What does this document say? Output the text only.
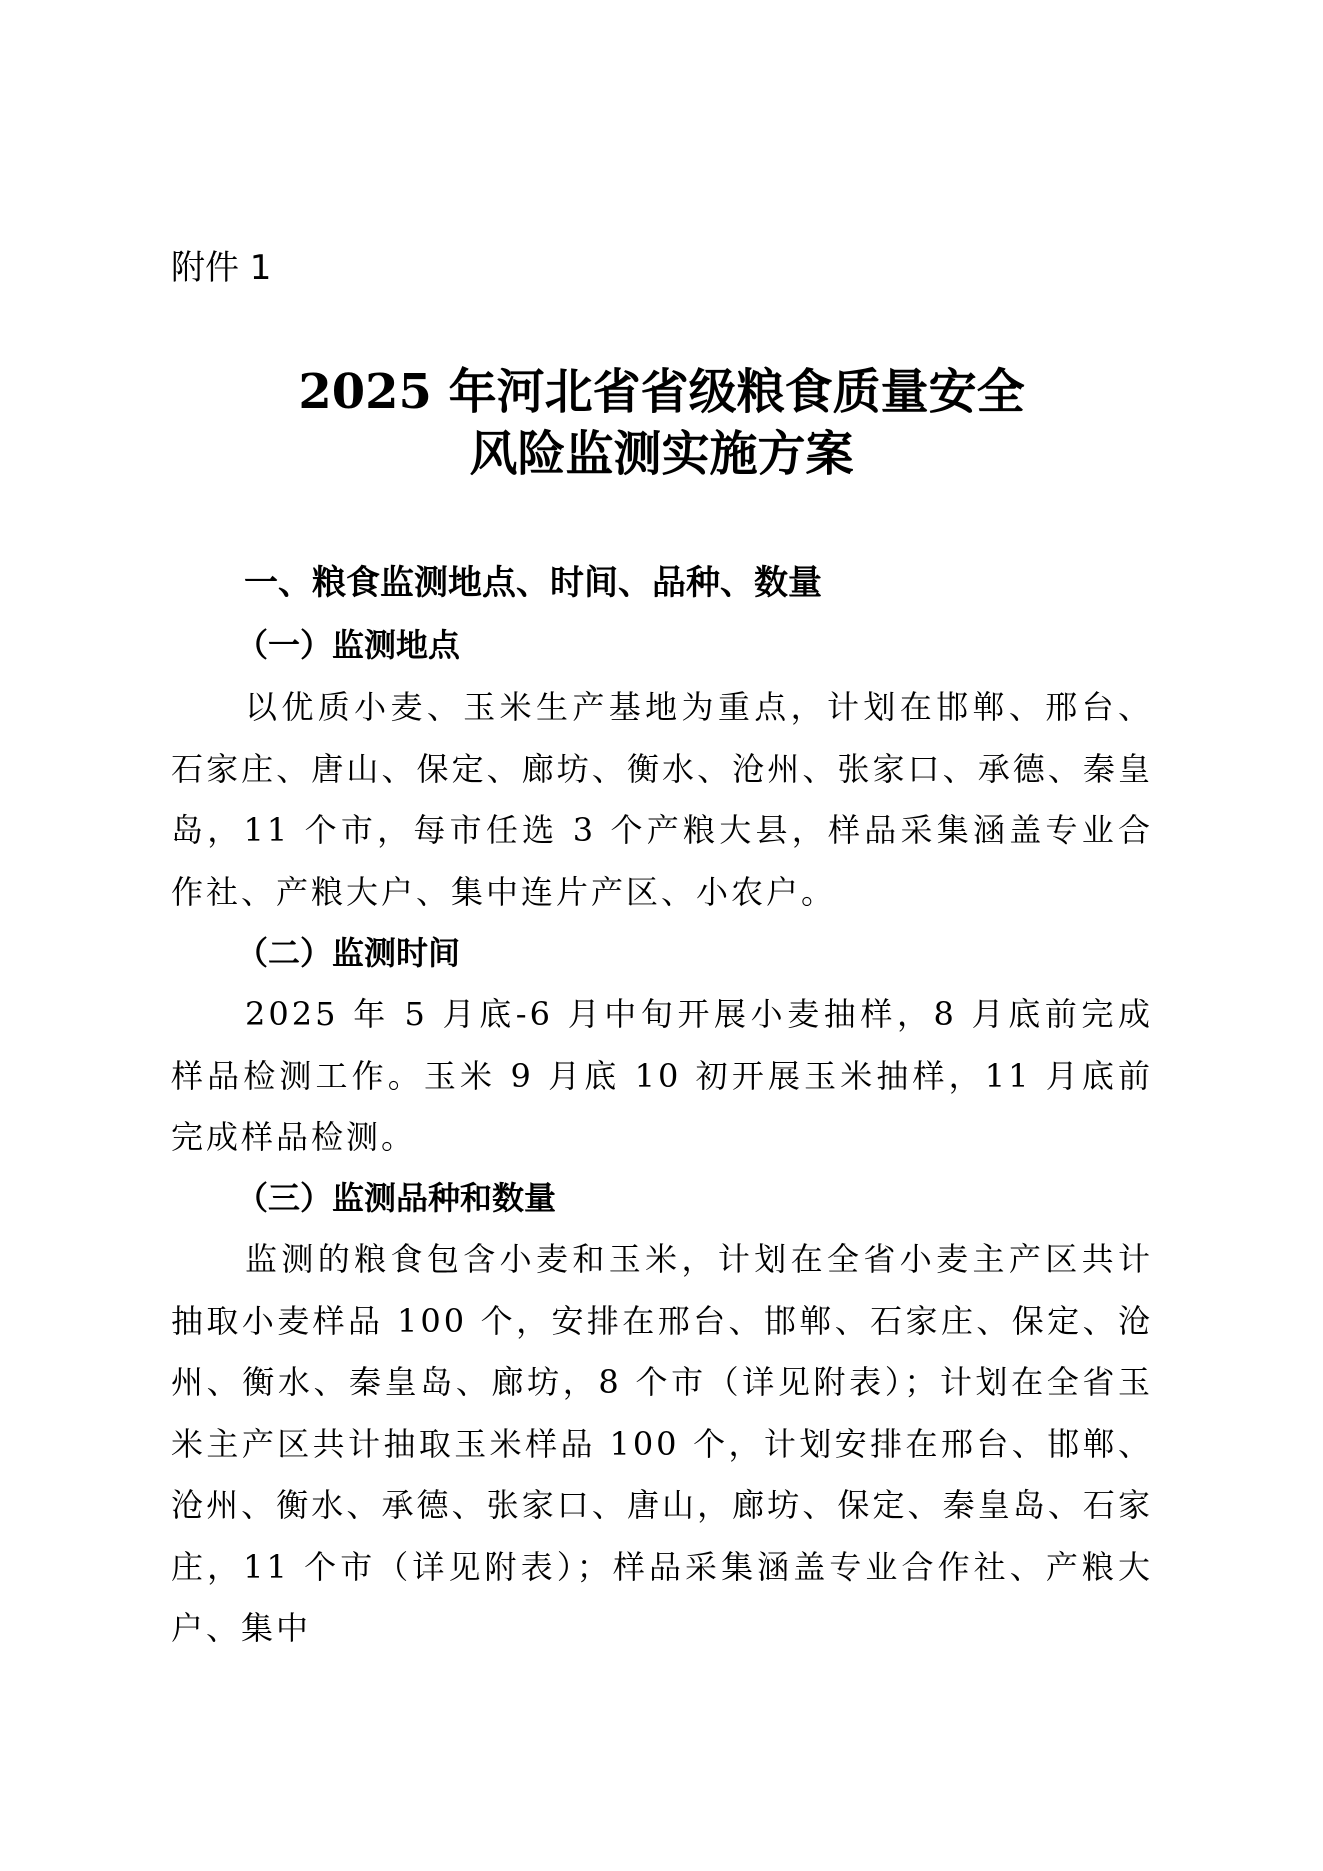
附件 1
2025 年河北省省级粮食质量安全
风险监测实施方案
一、粮食监测地点、时间、品种、数量
（一）监测地点
以优质小麦、玉米生产基地为重点，计划在邯郸、邢台、石家庄、唐山、保定、廊坊、衡水、沧州、张家口、承德、秦皇岛，11 个市，每市任选 3 个产粮大县，样品采集涵盖专业合作社、产粮大户、集中连片产区、小农户。
（二）监测时间
2025 年 5 月底-6 月中旬开展小麦抽样，8 月底前完成样品检测工作。玉米 9 月底 10 初开展玉米抽样，11 月底前完成样品检测。
（三）监测品种和数量
监测的粮食包含小麦和玉米，计划在全省小麦主产区共计抽取小麦样品 100 个，安排在邢台、邯郸、石家庄、保定、沧州、衡水、秦皇岛、廊坊，8 个市（详见附表）；计划在全省玉米主产区共计抽取玉米样品 100 个，计划安排在邢台、邯郸、沧州、衡水、承德、张家口、唐山，廊坊、保定、秦皇岛、石家庄，11 个市（详见附表）；样品采集涵盖专业合作社、产粮大户、集中
